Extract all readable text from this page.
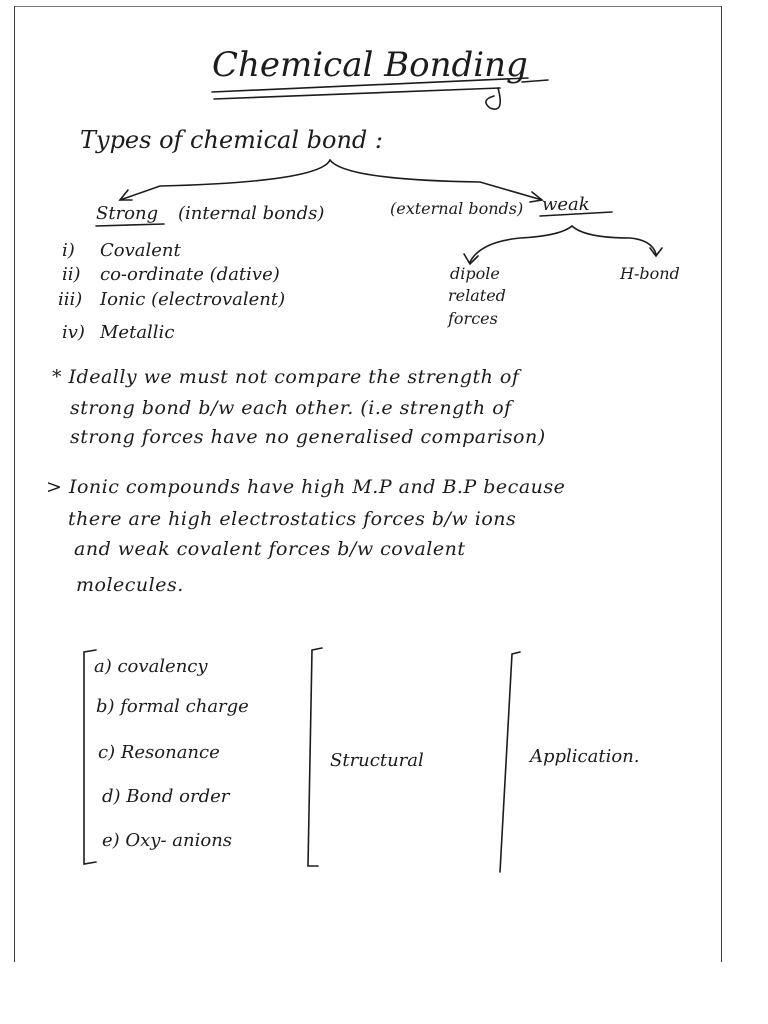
Chemical Bonding
Types of chemical bond :
Strong (internal bonds)
i) Covalent
ii) co-ordinate (dative)
iii) Ionic (electrovalent)
iv) Metallic
(external bonds) weak
dipole
related
forces
H-bond
* Ideally we must not compare the strength of
strong bond b/w each other. (i.e strength of
strong forces have no generalised comparison)
> Ionic compounds have high M.P and B.P because
there are high electrostatics forces b/w ions
and weak covalent forces b/w covalent
molecules.
a) covalency
b) formal charge
c) Resonance
d) Bond order
e) Oxy- anions
Structural	Application.
